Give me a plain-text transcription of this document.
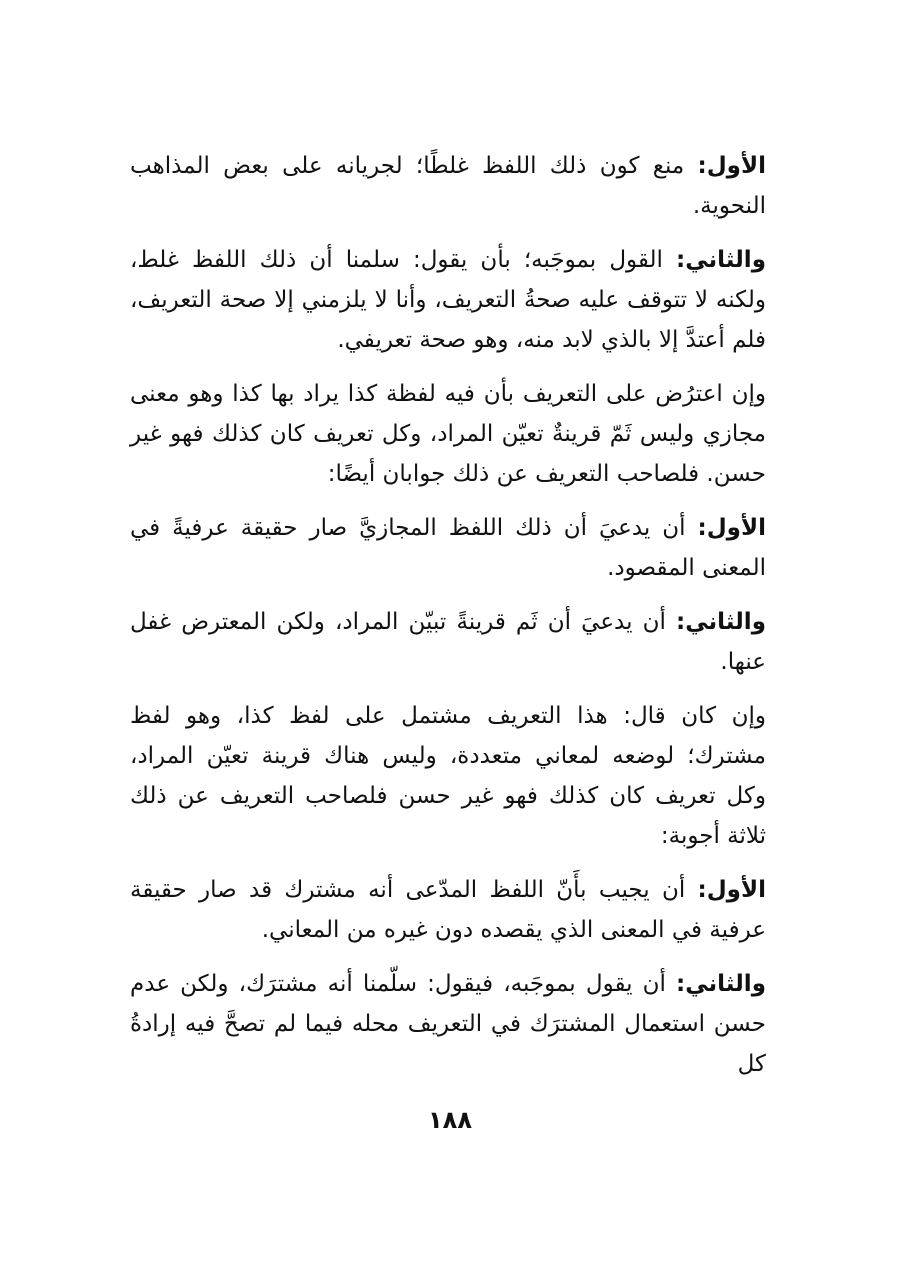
الأول: منع كون ذلك اللفظ غلطًا؛ لجريانه على بعض المذاهب النحوية.

والثاني: القول بموجَبه؛ بأن يقول: سلمنا أن ذلك اللفظ غلط، ولكنه لا تتوقف عليه صحةُ التعريف، وأنا لا يلزمني إلا صحة التعريف، فلم أعتدَّ إلا بالذي لابد منه، وهو صحة تعريفي.

وإن اعترُض على التعريف بأن فيه لفظة كذا يراد بها كذا وهو معنى مجازي وليس ثَمّ قرينةٌ تعيّن المراد، وكل تعريف كان كذلك فهو غير حسن. فلصاحب التعريف عن ذلك جوابان أيضًا:

الأول: أن يدعيَ أن ذلك اللفظ المجازيَّ صار حقيقة عرفيةً في المعنى المقصود.

والثاني: أن يدعيَ أن ثَم قرينةً تبيّن المراد، ولكن المعترض غفل عنها.

وإن كان قال: هذا التعريف مشتمل على لفظ كذا، وهو لفظ مشترك؛ لوضعه لمعاني متعددة، وليس هناك قرينة تعيّن المراد، وكل تعريف كان كذلك فهو غير حسن فلصاحب التعريف عن ذلك ثلاثة أجوبة:

الأول: أن يجيب بأَنّ اللفظ المدّعى أنه مشترك قد صار حقيقة عرفية في المعنى الذي يقصده دون غيره من المعاني.

والثاني: أن يقول بموجَبه، فيقول: سلّمنا أنه مشترَك، ولكن عدم حسن استعمال المشترَك في التعريف محله فيما لم تصحَّ فيه إرادةُ كل

١٨٨
